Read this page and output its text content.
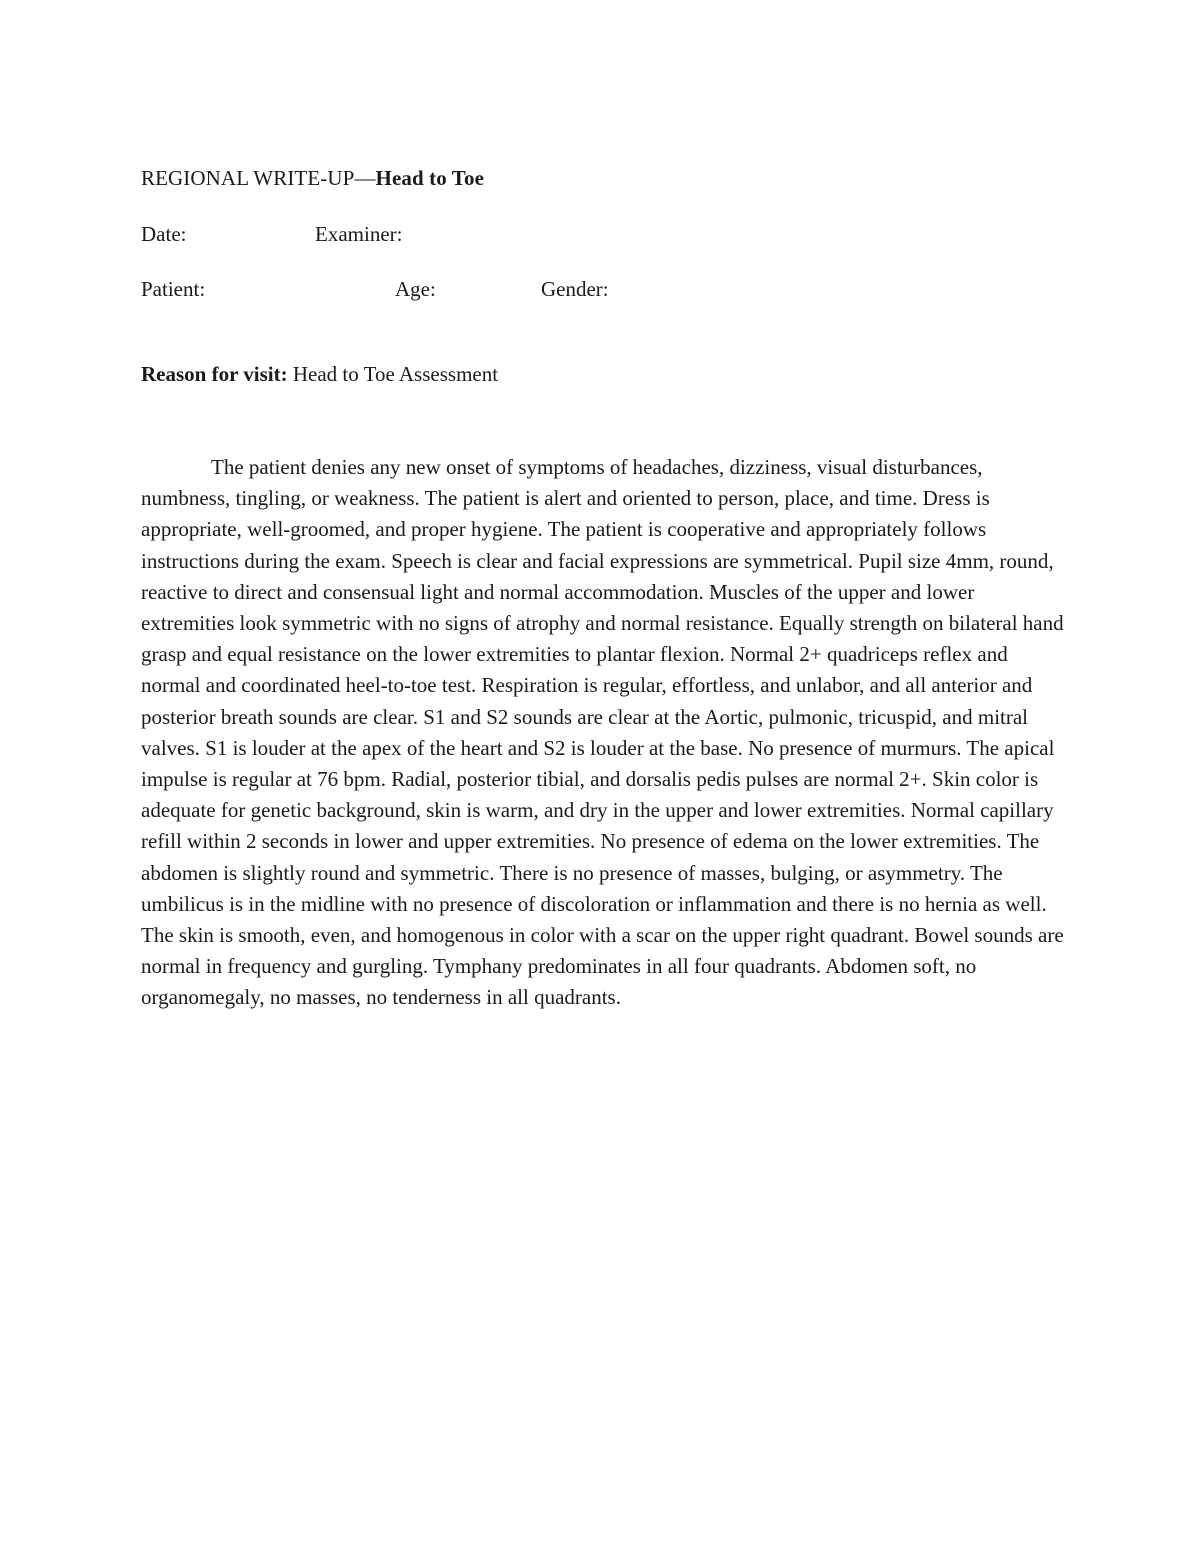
REGIONAL WRITE-UP—Head to Toe
Date:	Examiner:
Patient:	Age:	Gender:
Reason for visit: Head to Toe Assessment

The patient denies any new onset of symptoms of headaches, dizziness, visual disturbances, numbness, tingling, or weakness. The patient is alert and oriented to person, place, and time. Dress is appropriate, well-groomed, and proper hygiene. The patient is cooperative and appropriately follows instructions during the exam. Speech is clear and facial expressions are symmetrical. Pupil size 4mm, round, reactive to direct and consensual light and normal accommodation. Muscles of the upper and lower extremities look symmetric with no signs of atrophy and normal resistance. Equally strength on bilateral hand grasp and equal resistance on the lower extremities to plantar flexion. Normal 2+ quadriceps reflex and normal and coordinated heel-to-toe test. Respiration is regular, effortless, and unlabor, and all anterior and posterior breath sounds are clear. S1 and S2 sounds are clear at the Aortic, pulmonic, tricuspid, and mitral valves. S1 is louder at the apex of the heart and S2 is louder at the base. No presence of murmurs. The apical impulse is regular at 76 bpm. Radial, posterior tibial, and dorsalis pedis pulses are normal 2+. Skin color is adequate for genetic background, skin is warm, and dry in the upper and lower extremities. Normal capillary refill within 2 seconds in lower and upper extremities. No presence of edema on the lower extremities. The abdomen is slightly round and symmetric. There is no presence of masses, bulging, or asymmetry. The umbilicus is in the midline with no presence of discoloration or inflammation and there is no hernia as well. The skin is smooth, even, and homogenous in color with a scar on the upper right quadrant. Bowel sounds are normal in frequency and gurgling. Tymphany predominates in all four quadrants. Abdomen soft, no organomegaly, no masses, no tenderness in all quadrants.
